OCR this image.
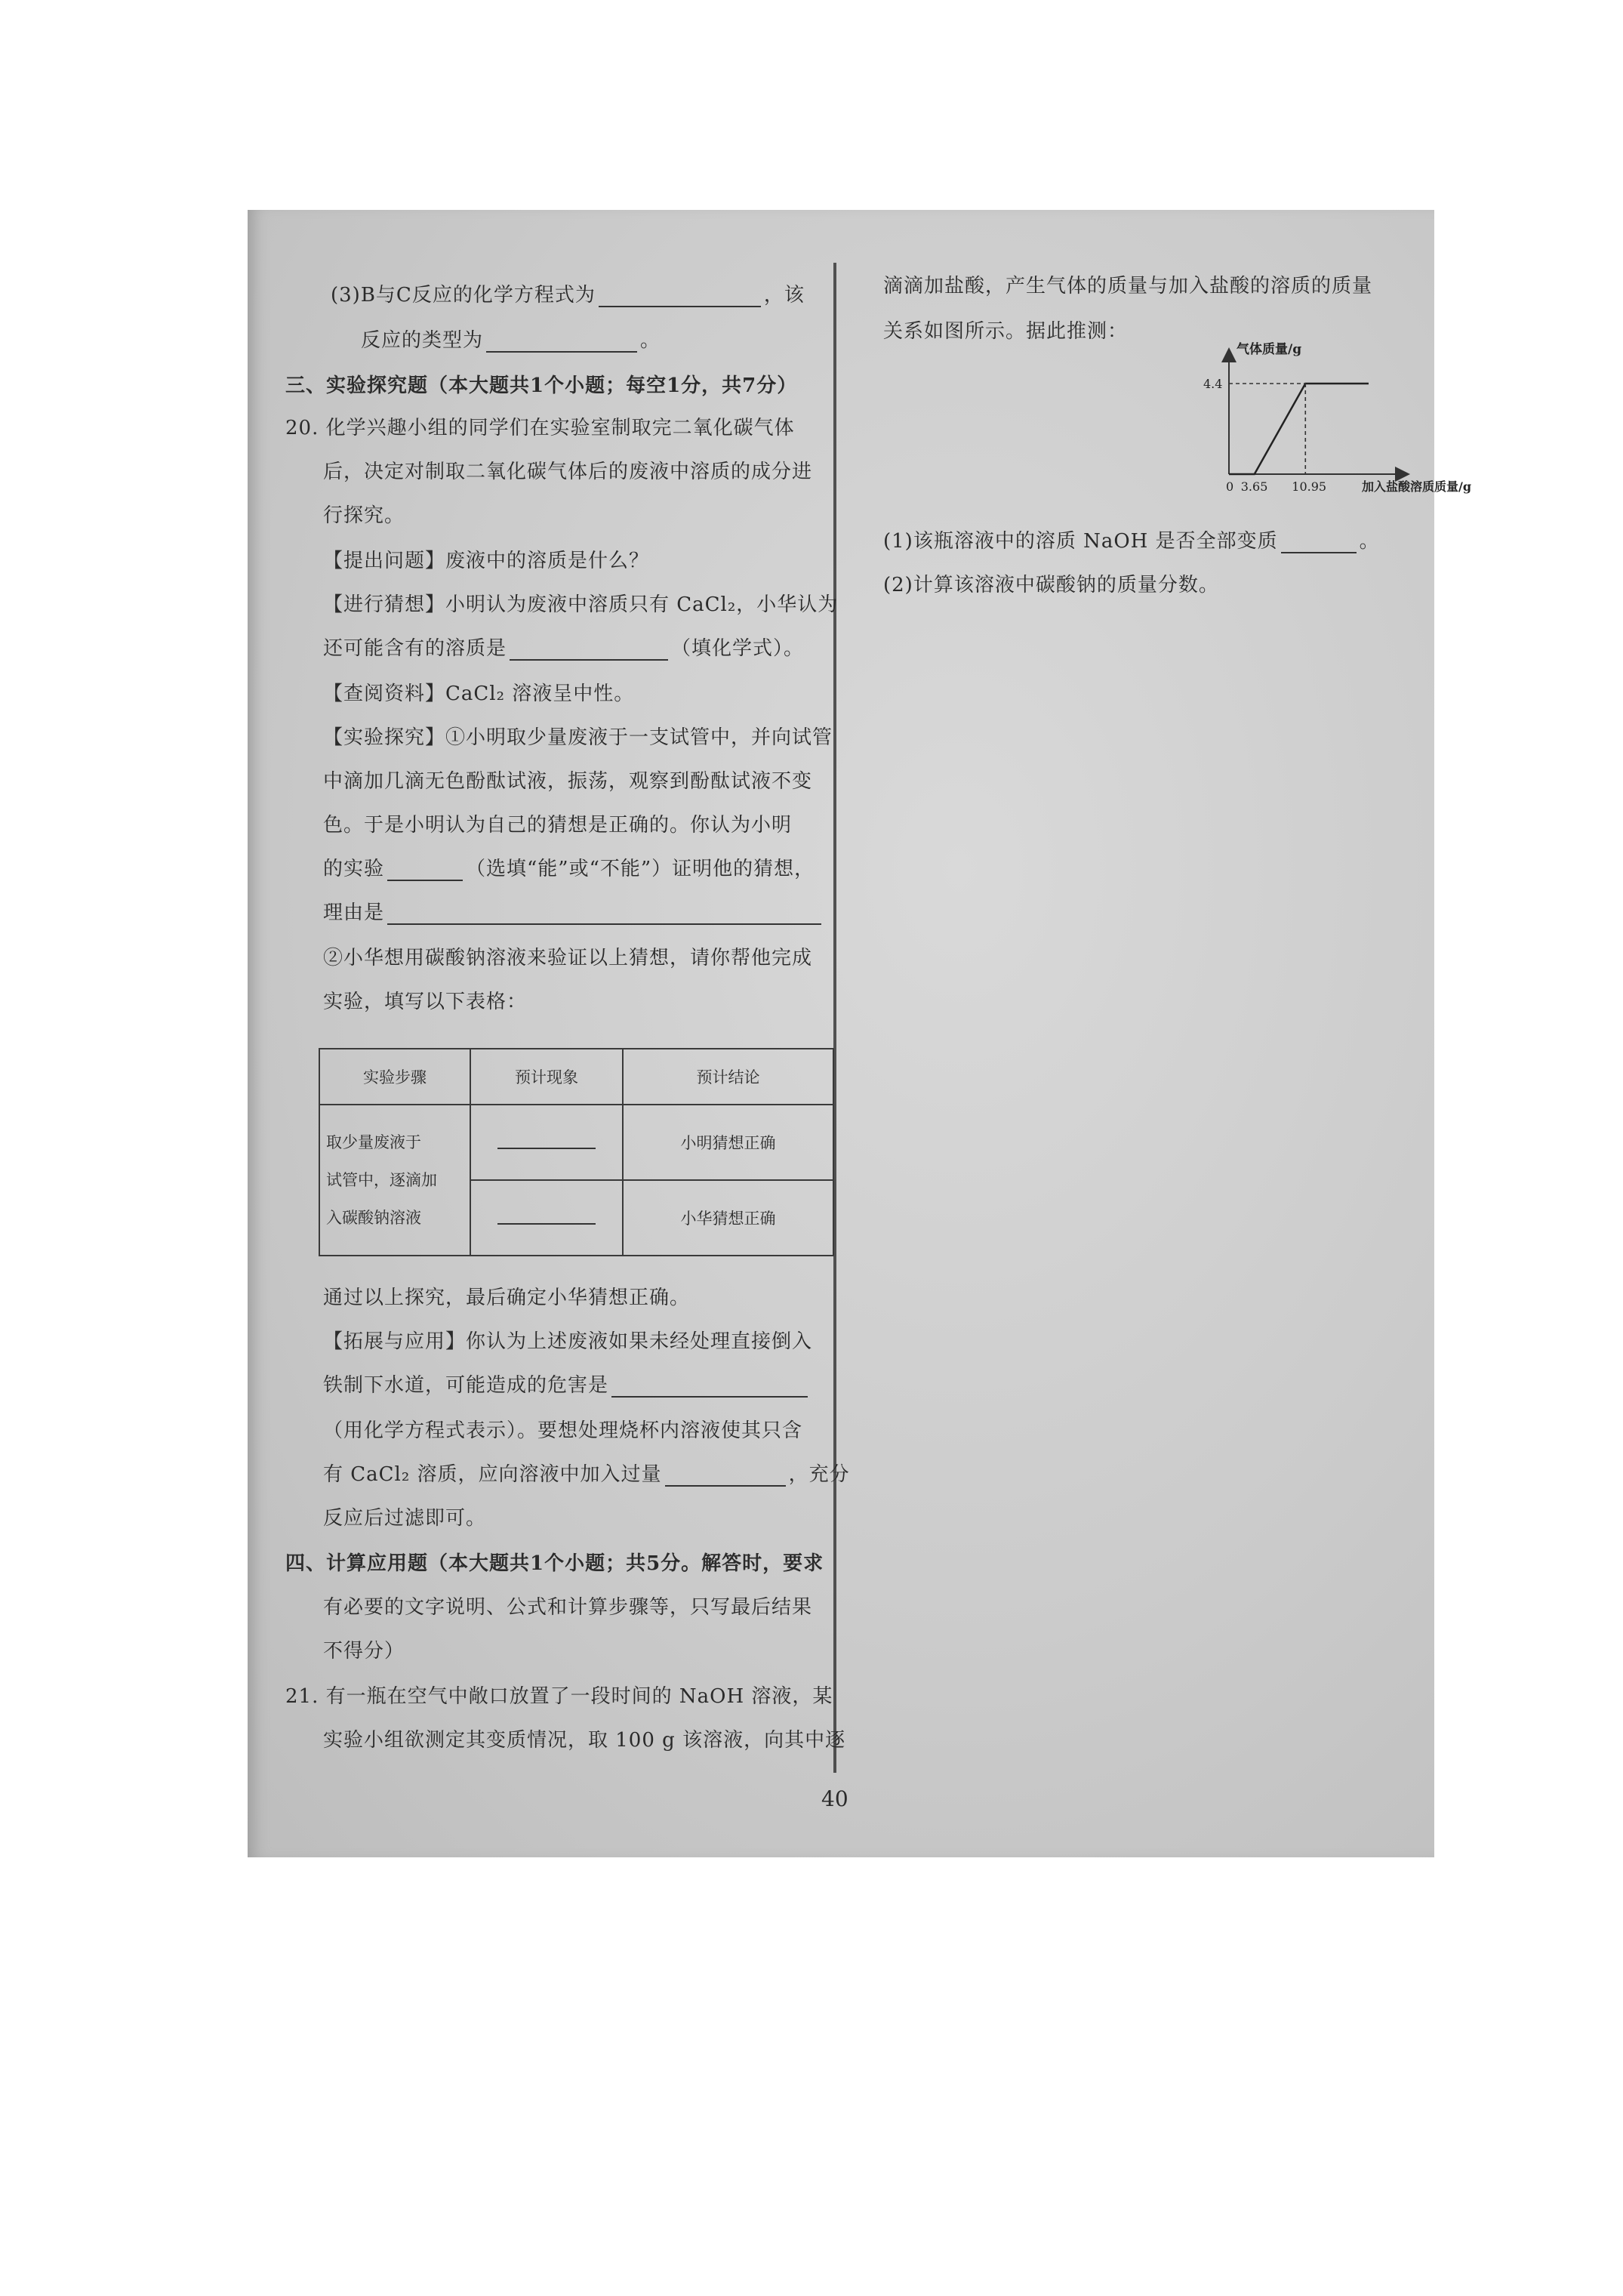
(3)B与C反应的化学方程式为	，该
反应的类型为	。
三、实验探究题（本大题共1个小题；每空1分，共7分）
20. 化学兴趣小组的同学们在实验室制取完二氧化碳气体
后，决定对制取二氧化碳气体后的废液中溶质的成分进
行探究。
【提出问题】废液中的溶质是什么？
【进行猜想】小明认为废液中溶质只有 CaCl₂，小华认为
还可能含有的溶质是	（填化学式）。
【查阅资料】CaCl₂ 溶液呈中性。
【实验探究】①小明取少量废液于一支试管中，并向试管
中滴加几滴无色酚酞试液，振荡，观察到酚酞试液不变
色。于是小明认为自己的猜想是正确的。你认为小明
的实验	（选填“能”或“不能”）证明他的猜想，
理由是
②小华想用碳酸钠溶液来验证以上猜想，请你帮他完成
实验，填写以下表格：
实验步骤	预计现象	预计结论

取少量废液于
试管中，逐滴加
入碳酸钠溶液		小明猜想正确
		小华猜想正确
通过以上探究，最后确定小华猜想正确。
【拓展与应用】你认为上述废液如果未经处理直接倒入
铁制下水道，可能造成的危害是
（用化学方程式表示）。要想处理烧杯内溶液使其只含
有 CaCl₂ 溶质，应向溶液中加入过量	，充分
反应后过滤即可。
四、计算应用题（本大题共1个小题；共5分。解答时，要求
有必要的文字说明、公式和计算步骤等，只写最后结果
不得分）
21. 有一瓶在空气中敞口放置了一段时间的 NaOH 溶液，某
实验小组欲测定其变质情况，取 100 g 该溶液，向其中逐
滴滴加盐酸，产生气体的质量与加入盐酸的溶质的质量
关系如图所示。据此推测：
0 3.65 10.95
4.4
气体质量/g
加入盐酸溶质质量/g
(1)该瓶溶液中的溶质 NaOH 是否全部变质	。
(2)计算该溶液中碳酸钠的质量分数。
40
